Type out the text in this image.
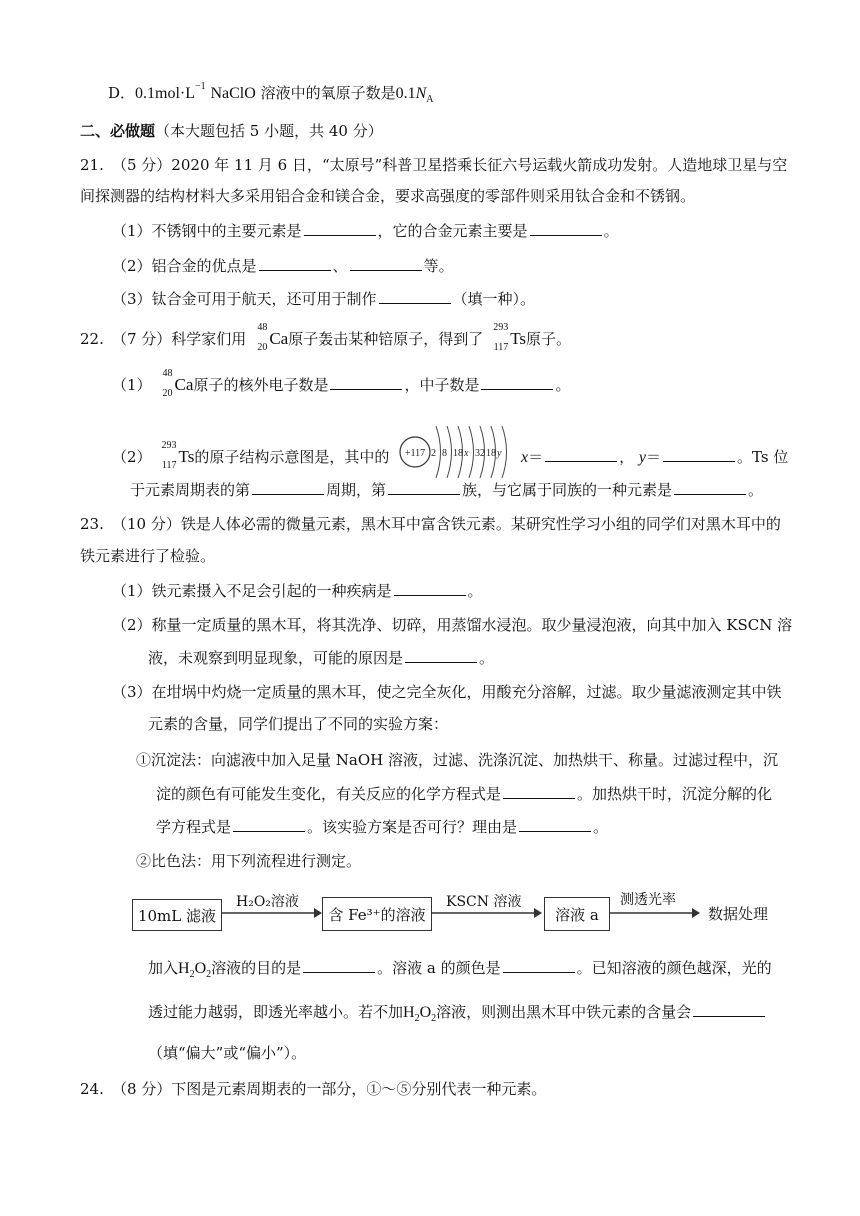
D．$0.1mol\cdot L^{-1}$ NaClO 溶液中的氧原子数是$0.1N_A$
二、必做题（本大题包括 5 小题，共 40 分）
21. （5 分）2020 年 11 月 6 日，“太原号”科普卫星搭乘长征六号运载火箭成功发射。人造地球卫星与空
间探测器的结构材料大多采用铝合金和镁合金，要求高强度的零部件则采用钛合金和不锈钢。
（1）不锈钢中的主要元素是	，它的合金元素主要是	。
（2）铝合金的优点是	、	等。
（3）钛合金可用于航天，还可用于制作	（填一种）。
22. （7 分）科学家们用
48
20 Ca原子轰击某种锫原子，得到了
293
117 Ts原子。
（1）
48
20 Ca原子的核外电子数是	，中子数是	。
（2）
293
117 Ts的原子结构示意图是，其中的 +117 2 8 18 x 32 18 y x＝	， y＝	。Ts 位
于元素周期表的第	周期，第	族，与它属于同族的一种元素是	。
23. （10 分）铁是人体必需的微量元素，黑木耳中富含铁元素。某研究性学习小组的同学们对黑木耳中的
铁元素进行了检验。
（1）铁元素摄入不足会引起的一种疾病是	。
（2）称量一定质量的黑木耳，将其洗净、切碎，用蒸馏水浸泡。取少量浸泡液，向其中加入 KSCN 溶
液，未观察到明显现象，可能的原因是	。
（3）在坩埚中灼烧一定质量的黑木耳，使之完全灰化，用酸充分溶解，过滤。取少量滤液测定其中铁
元素的含量，同学们提出了不同的实验方案：
①沉淀法：向滤液中加入足量 NaOH 溶液，过滤、洗涤沉淀、加热烘干、称量。过滤过程中，沉
淀的颜色有可能发生变化，有关反应的化学方程式是	。加热烘干时，沉淀分解的化
学方程式是	。该实验方案是否可行？理由是	。
②比色法：用下列流程进行测定。
10mL 滤液
H₂O₂溶液
含 Fe³⁺的溶液
KSCN 溶液
溶液 a
测透光率
数据处理
加入$H_2O_2$溶液的目的是	。溶液 a 的颜色是	。已知溶液的颜色越深，光的
透过能力越弱，即透光率越小。若不加$H_2O_2$溶液，则测出黑木耳中铁元素的含量会
（填“偏大”或“偏小”）。
24. （8 分）下图是元素周期表的一部分，①～⑤分别代表一种元素。
